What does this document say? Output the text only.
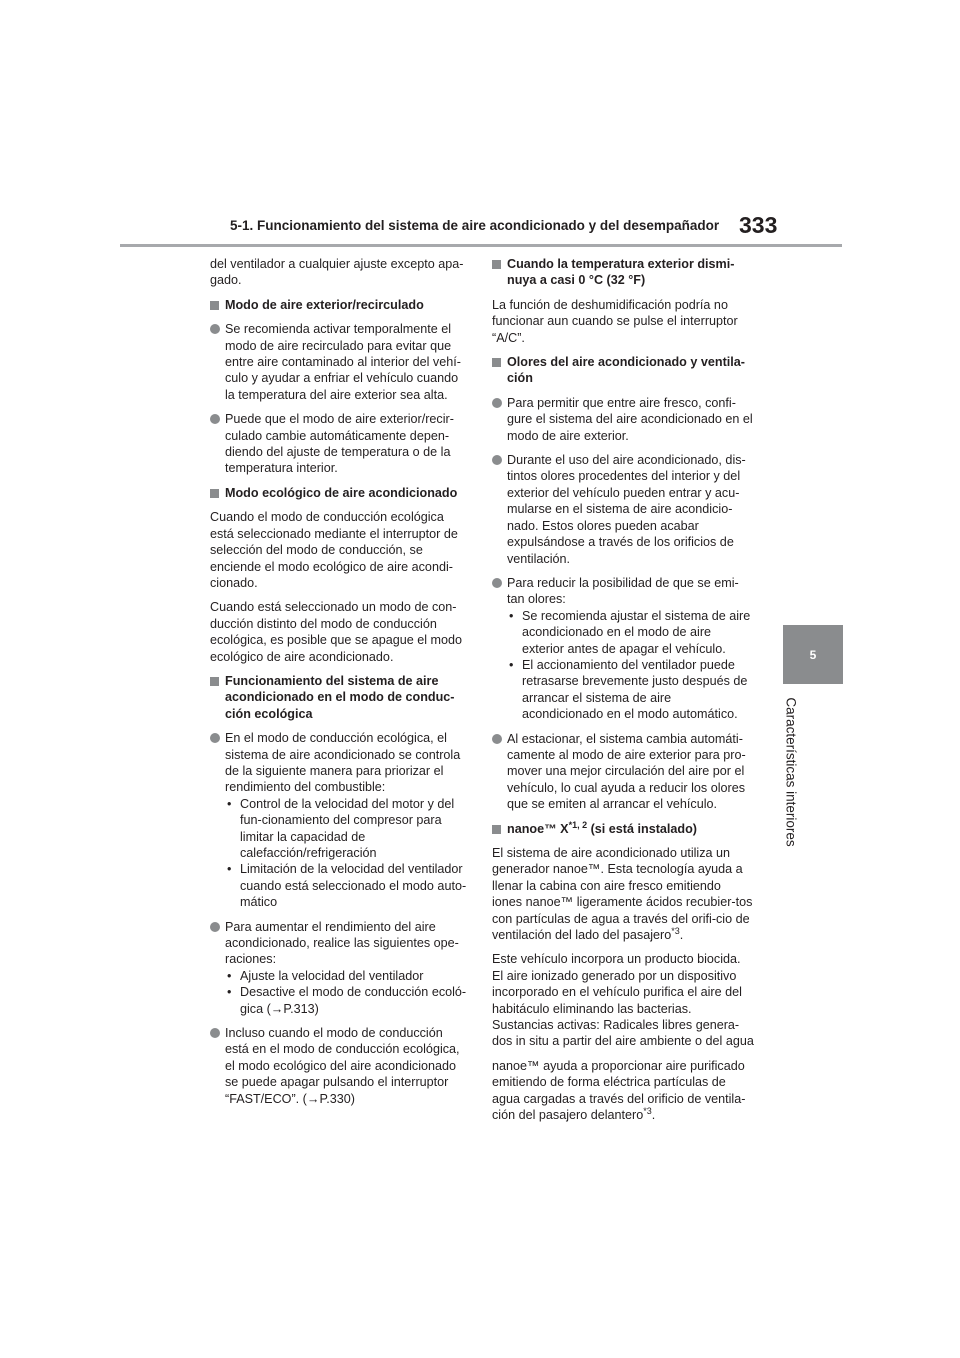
5-1. Funcionamiento del sistema de aire acondicionado y del desempañador 333
5
Características interiores

del ventilador a cualquier ajuste excepto apa-gado.

Modo de aire exterior/recirculado
Se recomienda activar temporalmente el modo de aire recirculado para evitar que entre aire contaminado al interior del vehí-culo y ayudar a enfriar el vehículo cuando la temperatura del aire exterior sea alta.
Puede que el modo de aire exterior/recir-culado cambie automáticamente depen-diendo del ajuste de temperatura o de la temperatura interior.
Modo ecológico de aire acondicionado

Cuando el modo de conducción ecológica está seleccionado mediante el interruptor de selección del modo de conducción, se enciende el modo ecológico de aire acondi-cionado.

Cuando está seleccionado un modo de con-ducción distinto del modo de conducción ecológica, es posible que se apague el modo ecológico de aire acondicionado.

Funcionamiento del sistema de aire acondicionado en el modo de conduc-ción ecológica
En el modo de conducción ecológica, el sistema de aire acondicionado se controla de la siguiente manera para priorizar el rendimiento del combustible:
• Control de la velocidad del motor y del fun-cionamiento del compresor para limitar la capacidad de calefacción/refrigeración
• Limitación de la velocidad del ventilador cuando está seleccionado el modo auto-mático
Para aumentar el rendimiento del aire acondicionado, realice las siguientes ope-raciones:
• Ajuste la velocidad del ventilador
• Desactive el modo de conducción ecoló-gica (→P.313)
Incluso cuando el modo de conducción está en el modo de conducción ecológica, el modo ecológico del aire acondicionado se puede apagar pulsando el interruptor “FAST/ECO”. (→P.330)
Cuando la temperatura exterior dismi-nuya a casi 0 °C (32 °F)

La función de deshumidificación podría no funcionar aun cuando se pulse el interruptor “A/C”.

Olores del aire acondicionado y ventila-ción
Para permitir que entre aire fresco, confi-gure el sistema del aire acondicionado en el modo de aire exterior.
Durante el uso del aire acondicionado, dis-tintos olores procedentes del interior y del exterior del vehículo pueden entrar y acu-mularse en el sistema de aire acondicio-nado. Estos olores pueden acabar expulsándose a través de los orificios de ventilación.
Para reducir la posibilidad de que se emi-tan olores:
• Se recomienda ajustar el sistema de aire acondicionado en el modo de aire exterior antes de apagar el vehículo.
• El accionamiento del ventilador puede retrasarse brevemente justo después de arrancar el sistema de aire acondicionado en el modo automático.
Al estacionar, el sistema cambia automáti-camente al modo de aire exterior para pro-mover una mejor circulación del aire por el vehículo, lo cual ayuda a reducir los olores que se emiten al arrancar el vehículo.
nanoe™ X$^{*1, 2}$ (si está instalado)

El sistema de aire acondicionado utiliza un generador nanoe™. Esta tecnología ayuda a llenar la cabina con aire fresco emitiendo iones nanoe™ ligeramente ácidos recubier-tos con partículas de agua a través del orifi-cio de ventilación del lado del pasajero$^{*3}$.

Este vehículo incorpora un producto biocida. El aire ionizado generado por un dispositivo incorporado en el vehículo purifica el aire del habitáculo eliminando las bacterias. Sustancias activas: Radicales libres genera-dos in situ a partir del aire ambiente o del agua

nanoe™ ayuda a proporcionar aire purificado emitiendo de forma eléctrica partículas de agua cargadas a través del orificio de ventila-ción del pasajero delantero$^{*3}$.
